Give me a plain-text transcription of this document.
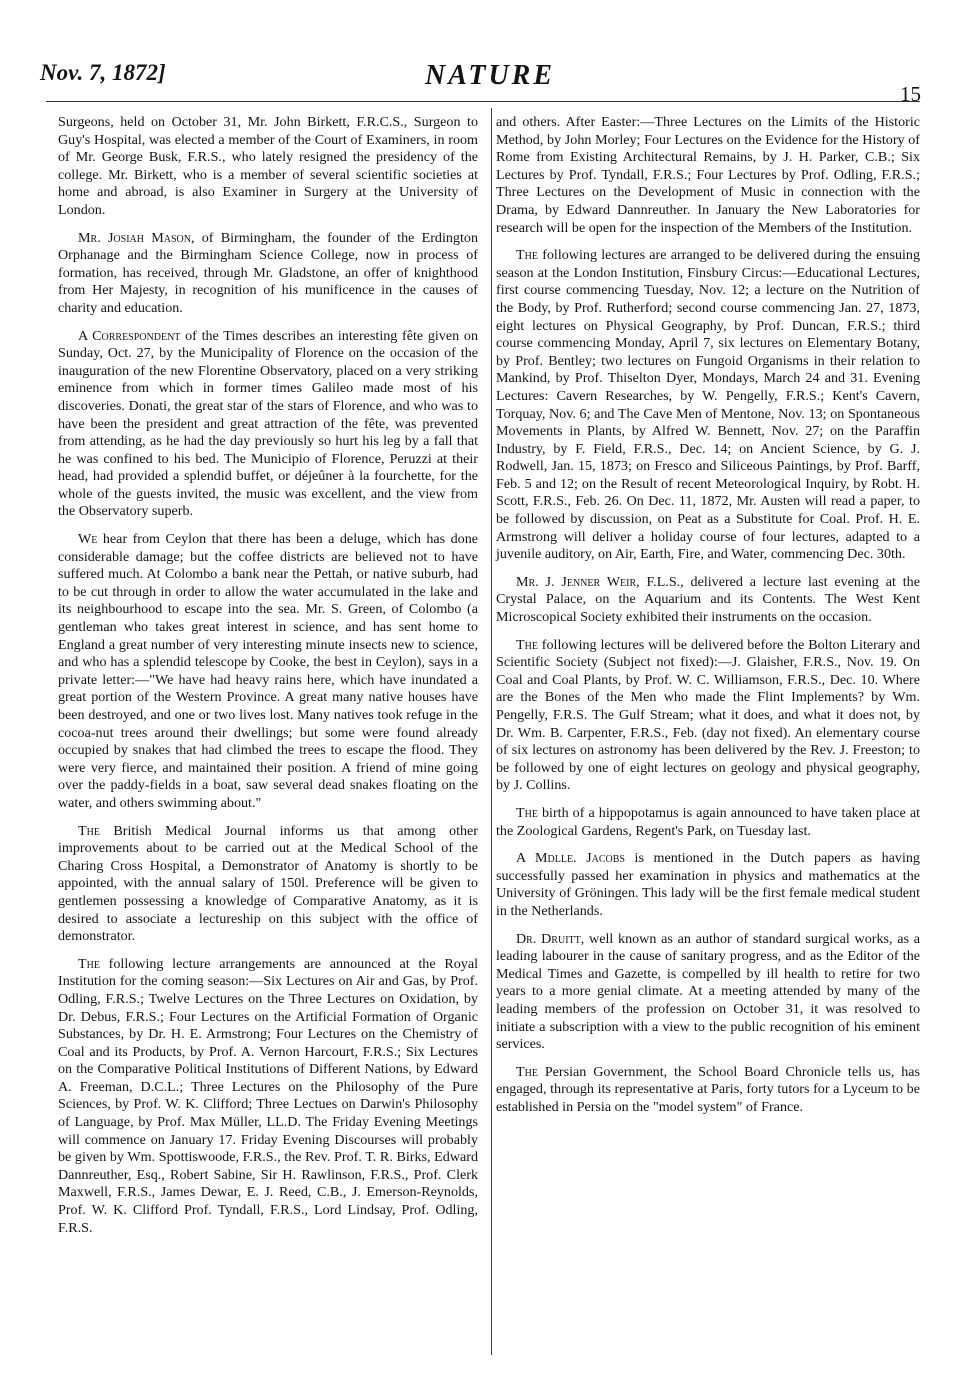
Nov. 7, 1872]	NATURE
15

Surgeons, held on October 31, Mr. John Birkett, F.R.C.S., Surgeon to Guy's Hospital, was elected a member of the Court of Examiners, in room of Mr. George Busk, F.R.S., who lately resigned the presidency of the college. Mr. Birkett, who is a member of several scientific societies at home and abroad, is also Examiner in Surgery at the University of London.

Mr. Josiah Mason, of Birmingham, the founder of the Erdington Orphanage and the Birmingham Science College, now in process of formation, has received, through Mr. Gladstone, an offer of knighthood from Her Majesty, in recognition of his munificence in the causes of charity and education.

A Correspondent of the Times describes an interesting fête given on Sunday, Oct. 27, by the Municipality of Florence on the occasion of the inauguration of the new Florentine Observatory, placed on a very striking eminence from which in former times Galileo made most of his discoveries. Donati, the great star of the stars of Florence, and who was to have been the president and great attraction of the fête, was prevented from attending, as he had the day previously so hurt his leg by a fall that he was confined to his bed. The Municipio of Florence, Peruzzi at their head, had provided a splendid buffet, or déjeûner à la fourchette, for the whole of the guests invited, the music was excellent, and the view from the Observatory superb.

We hear from Ceylon that there has been a deluge, which has done considerable damage; but the coffee districts are believed not to have suffered much. At Colombo a bank near the Pettah, or native suburb, had to be cut through in order to allow the water accumulated in the lake and its neighbourhood to escape into the sea. Mr. S. Green, of Colombo (a gentleman who takes great interest in science, and has sent home to England a great number of very interesting minute insects new to science, and who has a splendid telescope by Cooke, the best in Ceylon), says in a private letter:—"We have had heavy rains here, which have inundated a great portion of the Western Province. A great many native houses have been destroyed, and one or two lives lost. Many natives took refuge in the cocoa-nut trees around their dwellings; but some were found already occupied by snakes that had climbed the trees to escape the flood. They were very fierce, and maintained their position. A friend of mine going over the paddy-fields in a boat, saw several dead snakes floating on the water, and others swimming about."

The British Medical Journal informs us that among other improvements about to be carried out at the Medical School of the Charing Cross Hospital, a Demonstrator of Anatomy is shortly to be appointed, with the annual salary of 150l. Preference will be given to gentlemen possessing a knowledge of Comparative Anatomy, as it is desired to associate a lectureship on this subject with the office of demonstrator.

The following lecture arrangements are announced at the Royal Institution for the coming season:—Six Lectures on Air and Gas, by Prof. Odling, F.R.S.; Twelve Lectures on the Three Lectures on Oxidation, by Dr. Debus, F.R.S.; Four Lectures on the Artificial Formation of Organic Substances, by Dr. H. E. Armstrong; Four Lectures on the Chemistry of Coal and its Products, by Prof. A. Vernon Harcourt, F.R.S.; Six Lectures on the Comparative Political Institutions of Different Nations, by Edward A. Freeman, D.C.L.; Three Lectures on the Philosophy of the Pure Sciences, by Prof. W. K. Clifford; Three Lectues on Darwin's Philosophy of Language, by Prof. Max Müller, LL.D. The Friday Evening Meetings will commence on January 17. Friday Evening Discourses will probably be given by Wm. Spottiswoode, F.R.S., the Rev. Prof. T. R. Birks, Edward Dannreuther, Esq., Robert Sabine, Sir H. Rawlinson, F.R.S., Prof. Clerk Maxwell, F.R.S., James Dewar, E. J. Reed, C.B., J. Emerson-Reynolds, Prof. W. K. Clifford Prof. Tyndall, F.R.S., Lord Lindsay, Prof. Odling, F.R.S.

and others. After Easter:—Three Lectures on the Limits of the Historic Method, by John Morley; Four Lectures on the Evidence for the History of Rome from Existing Architectural Remains, by J. H. Parker, C.B.; Six Lectures by Prof. Tyndall, F.R.S.; Four Lectures by Prof. Odling, F.R.S.; Three Lectures on the Development of Music in connection with the Drama, by Edward Dannreuther. In January the New Laboratories for research will be open for the inspection of the Members of the Institution.

The following lectures are arranged to be delivered during the ensuing season at the London Institution, Finsbury Circus:—Educational Lectures, first course commencing Tuesday, Nov. 12; a lecture on the Nutrition of the Body, by Prof. Rutherford; second course commencing Jan. 27, 1873, eight lectures on Physical Geography, by Prof. Duncan, F.R.S.; third course commencing Monday, April 7, six lectures on Elementary Botany, by Prof. Bentley; two lectures on Fungoid Organisms in their relation to Mankind, by Prof. Thiselton Dyer, Mondays, March 24 and 31. Evening Lectures: Cavern Researches, by W. Pengelly, F.R.S.; Kent's Cavern, Torquay, Nov. 6; and The Cave Men of Mentone, Nov. 13; on Spontaneous Movements in Plants, by Alfred W. Bennett, Nov. 27; on the Paraffin Industry, by F. Field, F.R.S., Dec. 14; on Ancient Science, by G. J. Rodwell, Jan. 15, 1873; on Fresco and Siliceous Paintings, by Prof. Barff, Feb. 5 and 12; on the Result of recent Meteorological Inquiry, by Robt. H. Scott, F.R.S., Feb. 26. On Dec. 11, 1872, Mr. Austen will read a paper, to be followed by discussion, on Peat as a Substitute for Coal. Prof. H. E. Armstrong will deliver a holiday course of four lectures, adapted to a juvenile auditory, on Air, Earth, Fire, and Water, commencing Dec. 30th.

Mr. J. Jenner Weir, F.L.S., delivered a lecture last evening at the Crystal Palace, on the Aquarium and its Contents. The West Kent Microscopical Society exhibited their instruments on the occasion.

The following lectures will be delivered before the Bolton Literary and Scientific Society (Subject not fixed):—J. Glaisher, F.R.S., Nov. 19. On Coal and Coal Plants, by Prof. W. C. Williamson, F.R.S., Dec. 10. Where are the Bones of the Men who made the Flint Implements? by Wm. Pengelly, F.R.S. The Gulf Stream; what it does, and what it does not, by Dr. Wm. B. Carpenter, F.R.S., Feb. (day not fixed). An elementary course of six lectures on astronomy has been delivered by the Rev. J. Freeston; to be followed by one of eight lectures on geology and physical geography, by J. Collins.

The birth of a hippopotamus is again announced to have taken place at the Zoological Gardens, Regent's Park, on Tuesday last.

A Mdlle. Jacobs is mentioned in the Dutch papers as having successfully passed her examination in physics and mathematics at the University of Gröningen. This lady will be the first female medical student in the Netherlands.

Dr. Druitt, well known as an author of standard surgical works, as a leading labourer in the cause of sanitary progress, and as the Editor of the Medical Times and Gazette, is compelled by ill health to retire for two years to a more genial climate. At a meeting attended by many of the leading members of the profession on October 31, it was resolved to initiate a subscription with a view to the public recognition of his eminent services.

The Persian Government, the School Board Chronicle tells us, has engaged, through its representative at Paris, forty tutors for a Lyceum to be established in Persia on the "model system" of France.
